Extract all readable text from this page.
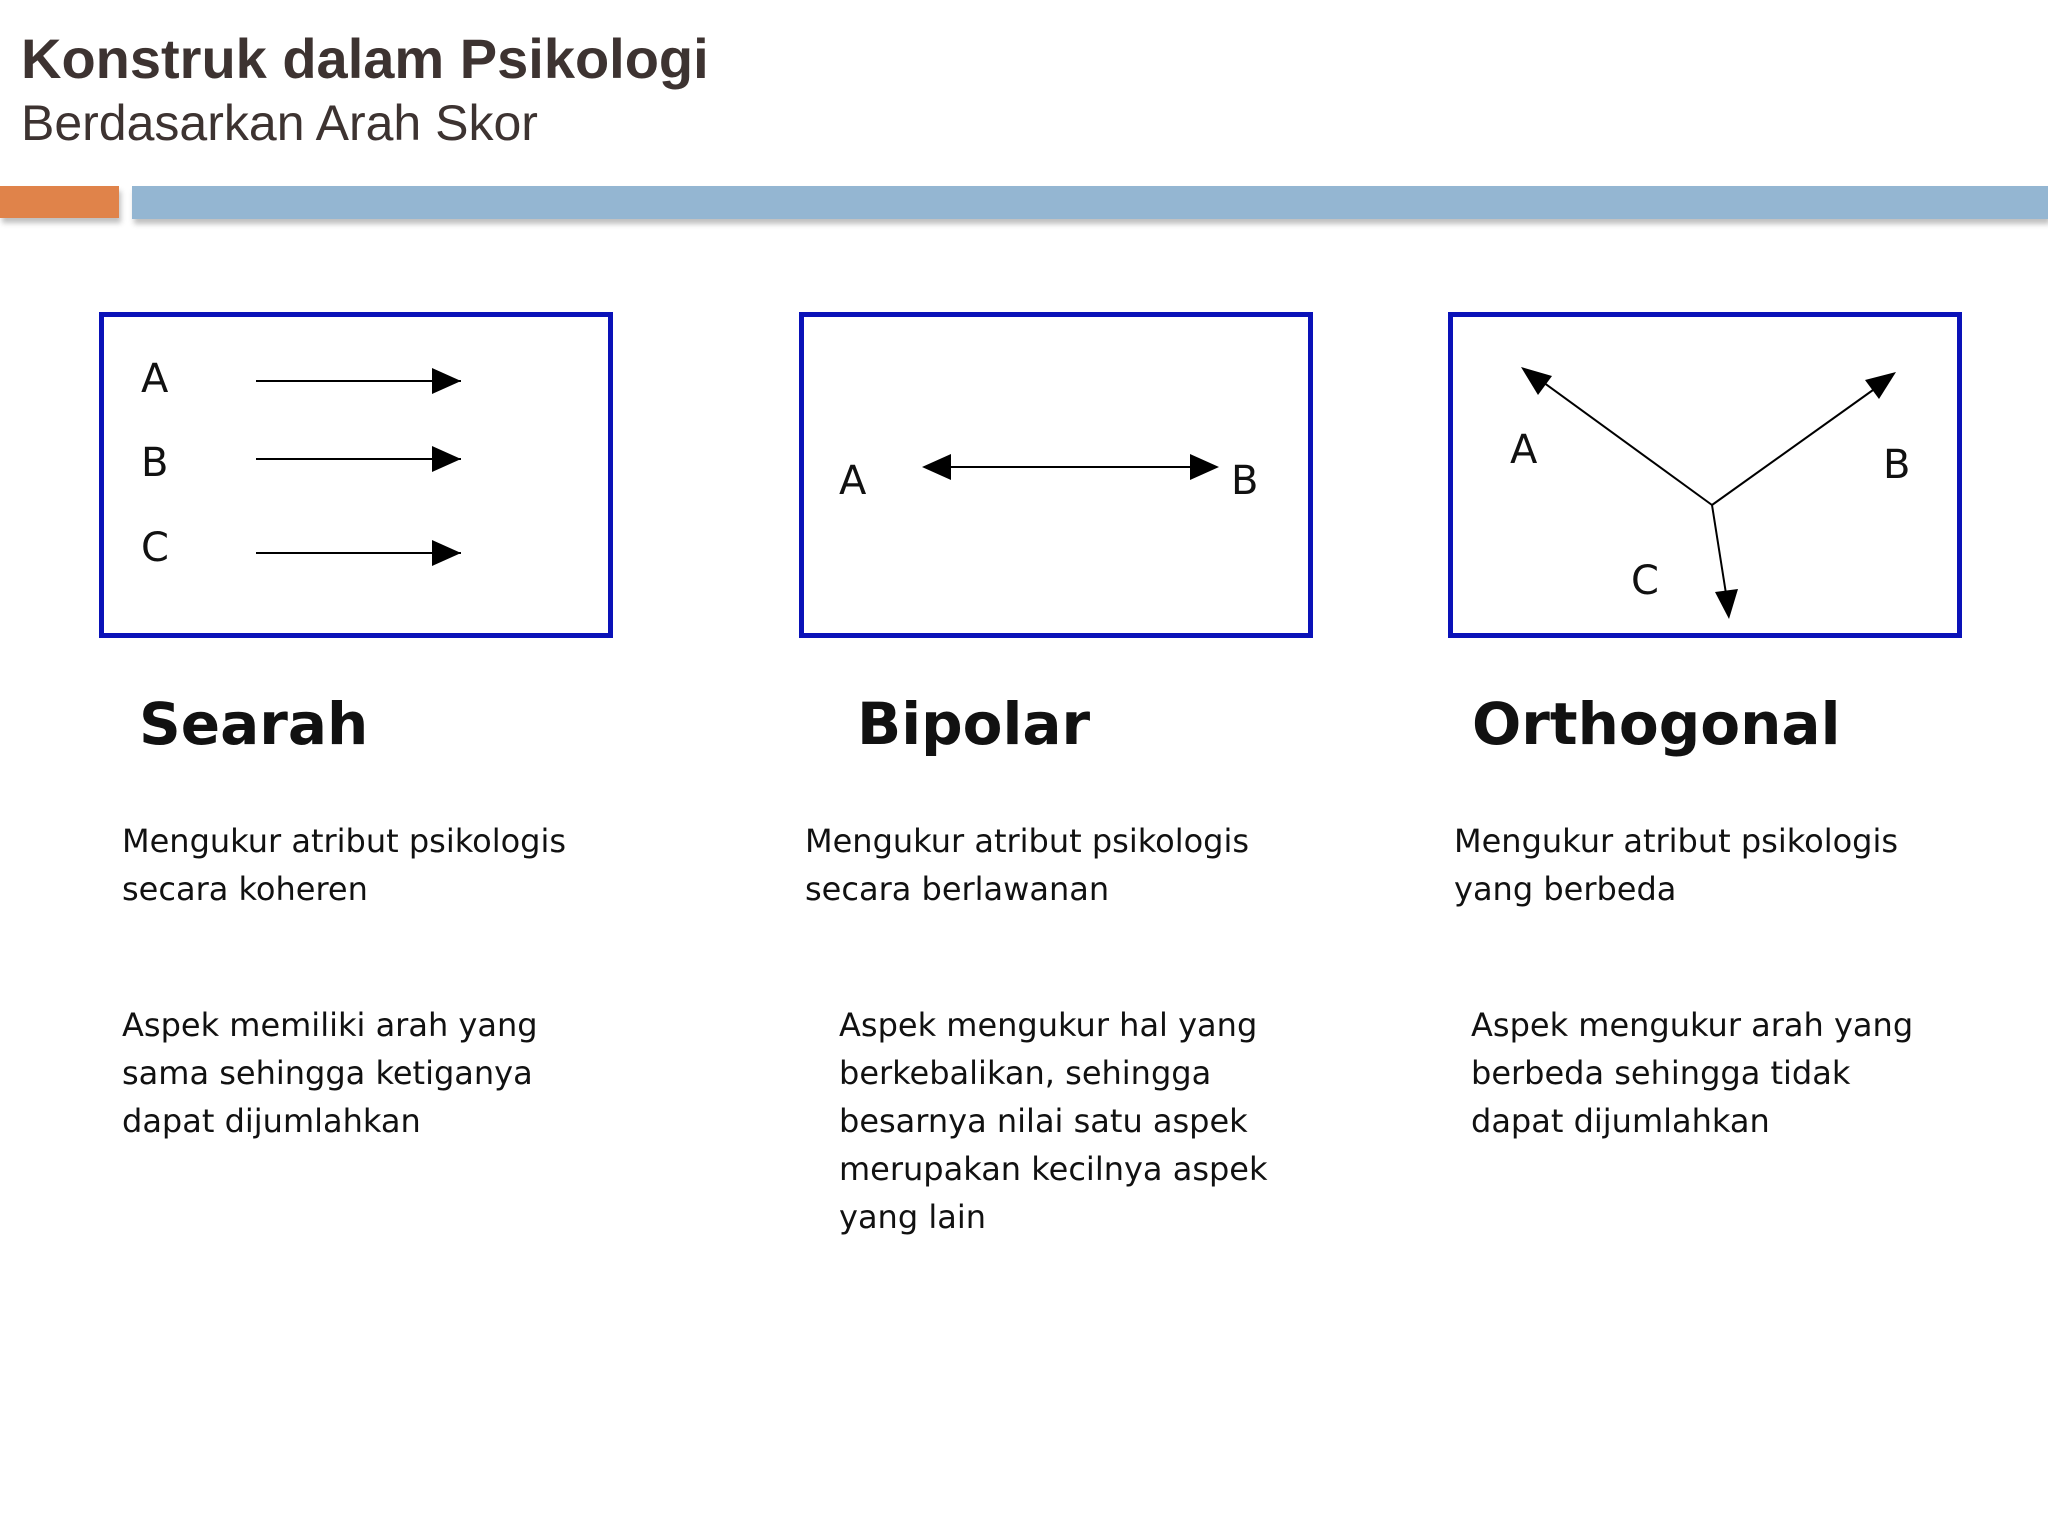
Konstruk dalam Psikologi
Berdasarkan Arah Skor
A
B
C
Searah
Mengukur atribut psikologis secara koheren
Aspek memiliki arah yang sama sehingga ketiganya dapat dijumlahkan
A	B
Bipolar
Mengukur atribut psikologis secara berlawanan
Aspek mengukur hal yang berkebalikan, sehingga besarnya nilai satu aspek merupakan kecilnya aspek yang lain
A	B
C
Orthogonal
Mengukur atribut psikologis yang berbeda
Aspek mengukur arah yang berbeda sehingga tidak dapat dijumlahkan
